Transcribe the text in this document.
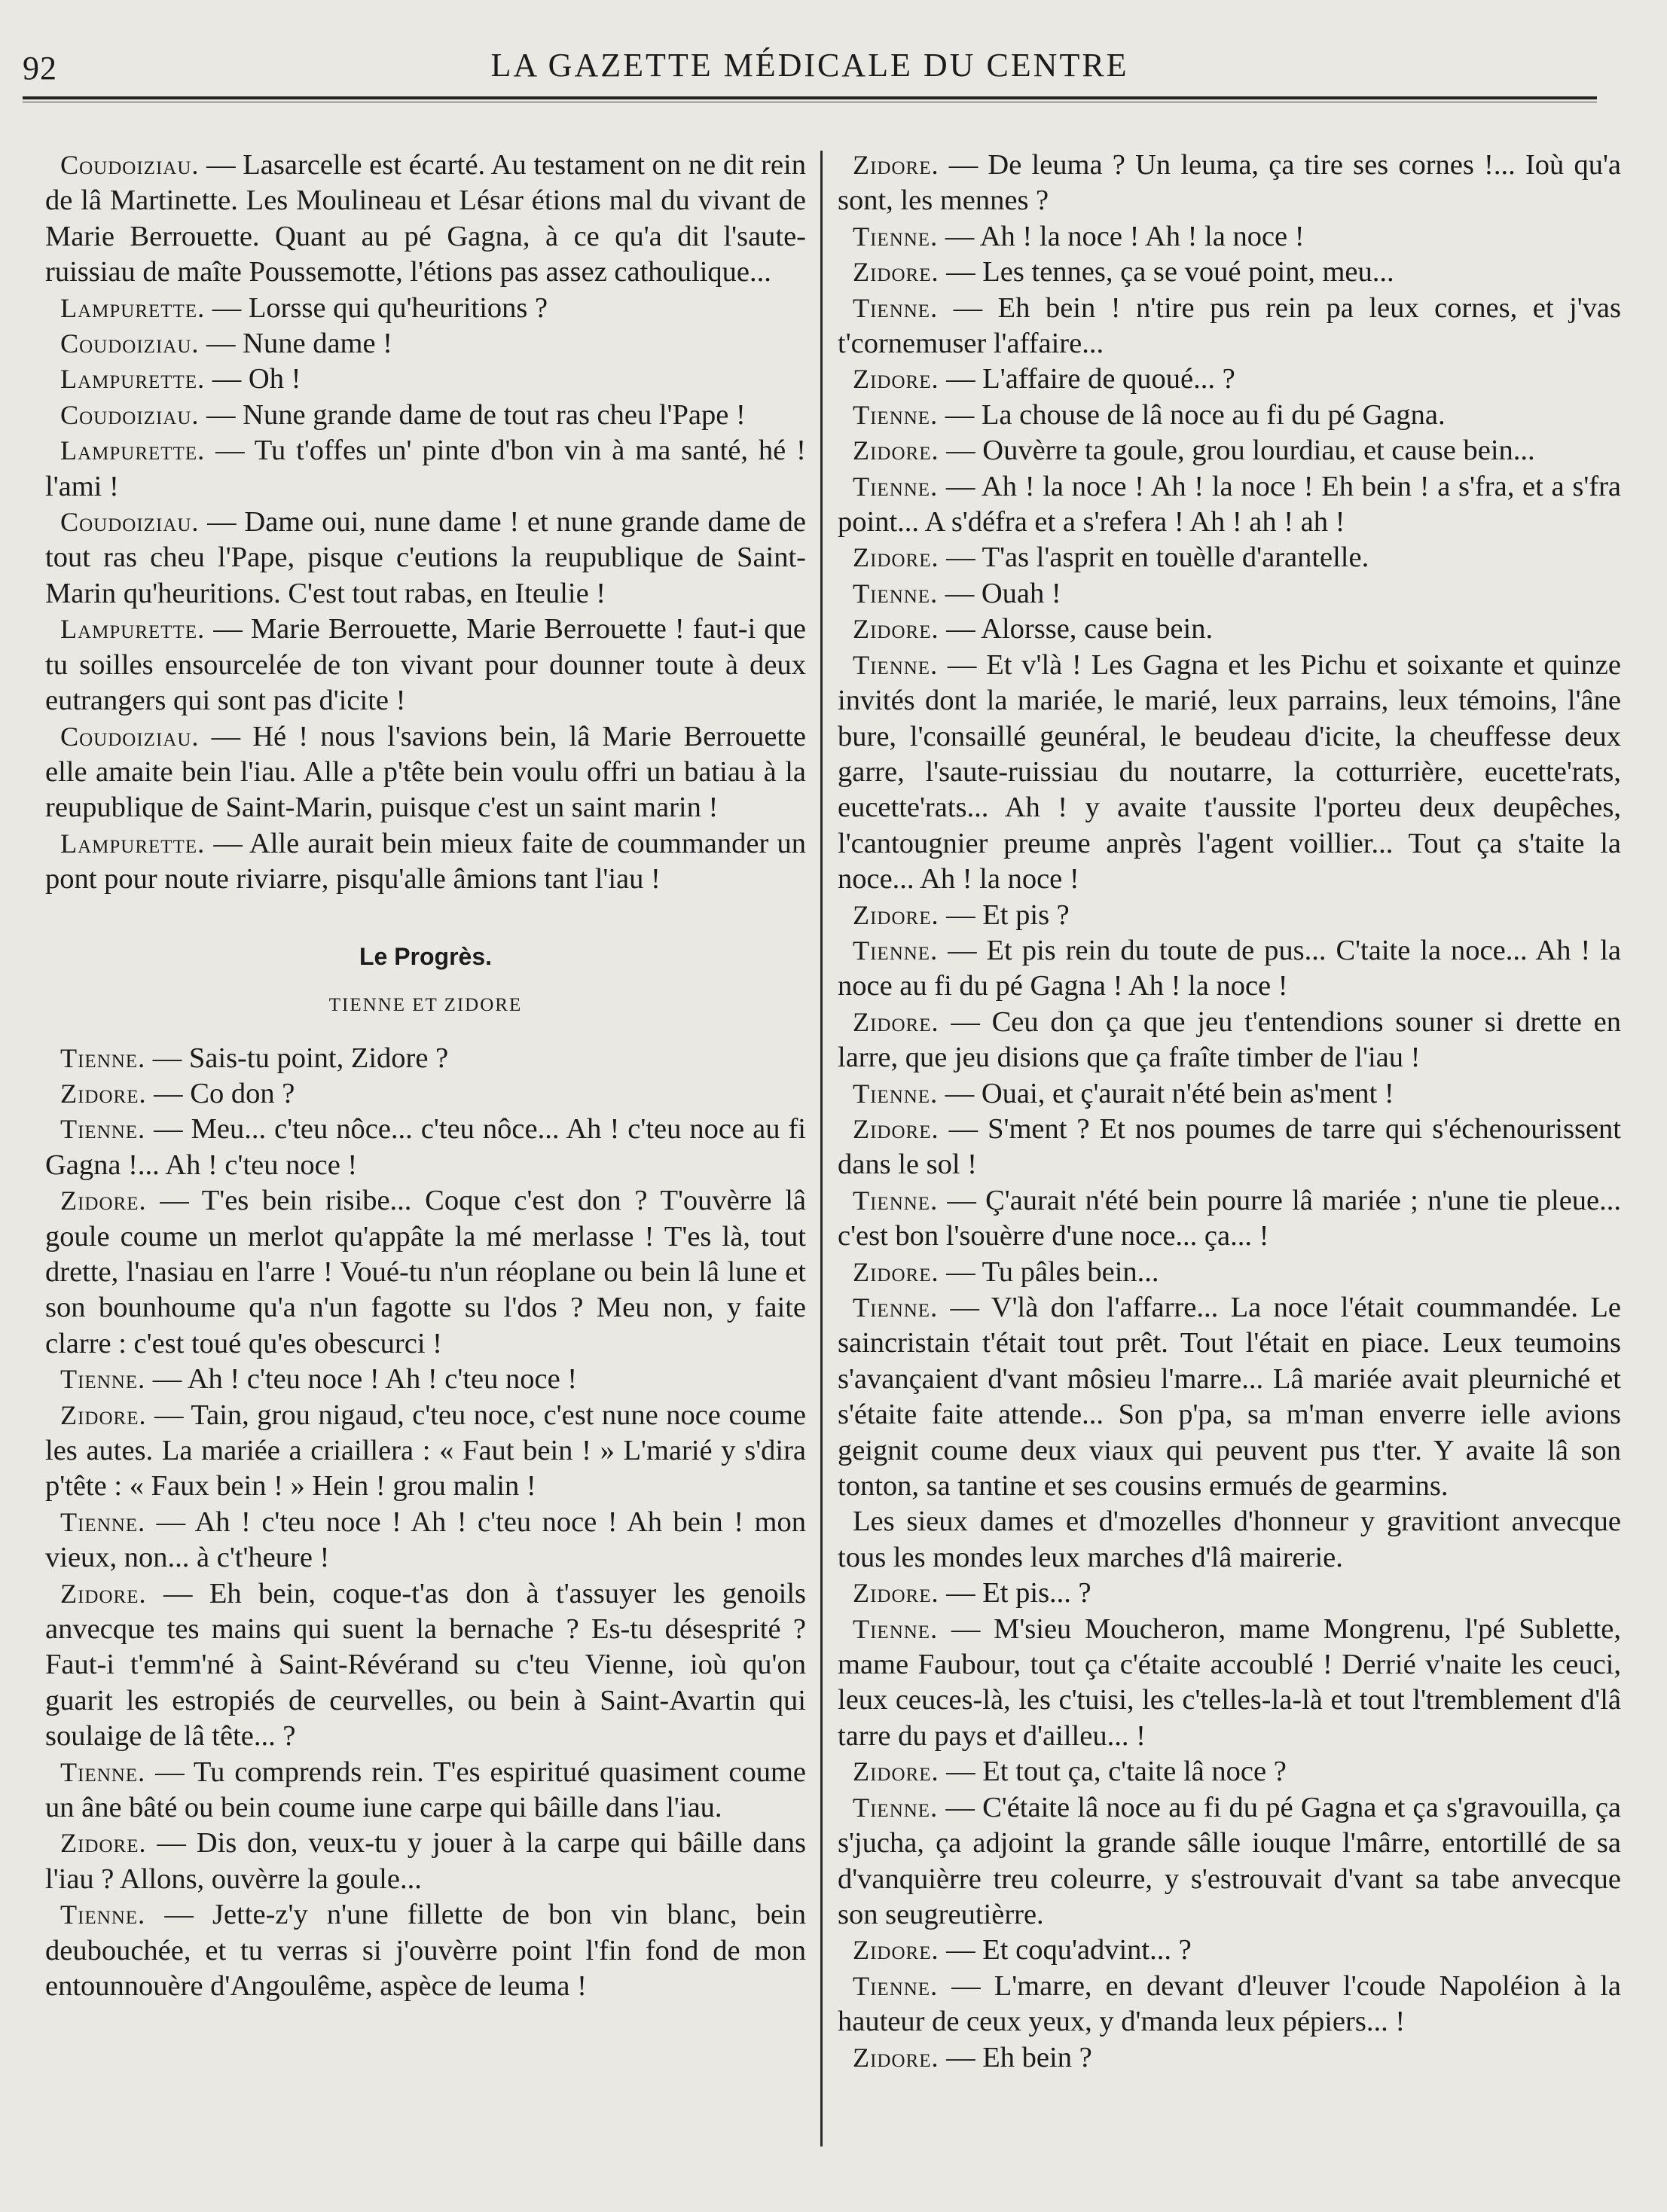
92	LA GAZETTE MÉDICALE DU CENTRE

Coudoiziau. — Lasarcelle est écarté. Au testament on ne dit rein de lâ Martinette. Les Moulineau et Lésar étions mal du vivant de Marie Berrouette. Quant au pé Gagna, à ce qu'a dit l'saute-ruissiau de maîte Poussemotte, l'étions pas assez cathoulique...

Lampurette. — Lorsse qui qu'heuritions ?

Coudoiziau. — Nune dame !

Lampurette. — Oh !

Coudoiziau. — Nune grande dame de tout ras cheu l'Pape !

Lampurette. — Tu t'offes un' pinte d'bon vin à ma santé, hé ! l'ami !

Coudoiziau. — Dame oui, nune dame ! et nune grande dame de tout ras cheu l'Pape, pisque c'eutions la reupublique de Saint-Marin qu'heuritions. C'est tout rabas, en Iteulie !

Lampurette. — Marie Berrouette, Marie Berrouette ! faut-i que tu soilles ensourcelée de ton vivant pour dounner toute à deux eutrangers qui sont pas d'icite !

Coudoiziau. — Hé ! nous l'savions bein, lâ Marie Berrouette elle amaite bein l'iau. Alle a p'tête bein voulu offri un batiau à la reupublique de Saint-Marin, puisque c'est un saint marin !

Lampurette. — Alle aurait bein mieux faite de coummander un pont pour noute riviarre, pisqu'alle âmions tant l'iau !

Le Progrès.
TIENNE ET ZIDORE

Tienne. — Sais-tu point, Zidore ?

Zidore. — Co don ?

Tienne. — Meu... c'teu nôce... c'teu nôce... Ah ! c'teu noce au fi Gagna !... Ah ! c'teu noce !

Zidore. — T'es bein risibe... Coque c'est don ? T'ouvèrre lâ goule coume un merlot qu'appâte la mé merlasse ! T'es là, tout drette, l'nasiau en l'arre ! Voué-tu n'un réoplane ou bein lâ lune et son bounhoume qu'a n'un fagotte su l'dos ? Meu non, y faite clarre : c'est toué qu'es obescurci !

Tienne. — Ah ! c'teu noce ! Ah ! c'teu noce !

Zidore. — Tain, grou nigaud, c'teu noce, c'est nune noce coume les autes. La mariée a criaillera : « Faut bein ! » L'marié y s'dira p'tête : « Faux bein ! » Hein ! grou malin !

Tienne. — Ah ! c'teu noce ! Ah ! c'teu noce ! Ah bein ! mon vieux, non... à c't'heure !

Zidore. — Eh bein, coque-t'as don à t'assuyer les genoils anvecque tes mains qui suent la bernache ? Es-tu désesprité ? Faut-i t'emm'né à Saint-Révérand su c'teu Vienne, ioù qu'on guarit les estropiés de ceurvelles, ou bein à Saint-Avartin qui soulaige de lâ tête... ?

Tienne. — Tu comprends rein. T'es espiritué quasiment coume un âne bâté ou bein coume iune carpe qui bâille dans l'iau.

Zidore. — Dis don, veux-tu y jouer à la carpe qui bâille dans l'iau ? Allons, ouvèrre la goule...

Tienne. — Jette-z'y n'une fillette de bon vin blanc, bein deubouchée, et tu verras si j'ouvèrre point l'fin fond de mon entounnouère d'Angoulême, aspèce de leuma !

Zidore. — De leuma ? Un leuma, ça tire ses cornes !... Ioù qu'a sont, les mennes ?

Tienne. — Ah ! la noce ! Ah ! la noce !

Zidore. — Les tennes, ça se voué point, meu...

Tienne. — Eh bein ! n'tire pus rein pa leux cornes, et j'vas t'cornemuser l'affaire...

Zidore. — L'affaire de quoué... ?

Tienne. — La chouse de lâ noce au fi du pé Gagna.

Zidore. — Ouvèrre ta goule, grou lourdiau, et cause bein...

Tienne. — Ah ! la noce ! Ah ! la noce ! Eh bein ! a s'fra, et a s'fra point... A s'défra et a s'refera ! Ah ! ah ! ah !

Zidore. — T'as l'asprit en touèlle d'arantelle.

Tienne. — Ouah !

Zidore. — Alorsse, cause bein.

Tienne. — Et v'là ! Les Gagna et les Pichu et soixante et quinze invités dont la mariée, le marié, leux parrains, leux témoins, l'âne bure, l'consaillé geunéral, le beudeau d'icite, la cheuffesse deux garre, l'saute-ruissiau du noutarre, la cotturrière, eucette'rats, eucette'rats... Ah ! y avaite t'aussite l'porteu deux deupêches, l'cantougnier preume anprès l'agent voillier... Tout ça s'taite la noce... Ah ! la noce !

Zidore. — Et pis ?

Tienne. — Et pis rein du toute de pus... C'taite la noce... Ah ! la noce au fi du pé Gagna ! Ah ! la noce !

Zidore. — Ceu don ça que jeu t'entendions souner si drette en larre, que jeu disions que ça fraîte timber de l'iau !

Tienne. — Ouai, et ç'aurait n'été bein as'ment !

Zidore. — S'ment ? Et nos poumes de tarre qui s'échenourissent dans le sol !

Tienne. — Ç'aurait n'été bein pourre lâ mariée ; n'une tie pleue... c'est bon l'souèrre d'une noce... ça... !

Zidore. — Tu pâles bein...

Tienne. — V'là don l'affarre... La noce l'était coummandée. Le saincristain t'était tout prêt. Tout l'était en piace. Leux teumoins s'avançaient d'vant môsieu l'marre... Lâ mariée avait pleurniché et s'étaite faite attende... Son p'pa, sa m'man enverre ielle avions geignit coume deux viaux qui peuvent pus t'ter. Y avaite lâ son tonton, sa tantine et ses cousins ermués de gearmins.

Les sieux dames et d'mozelles d'honneur y gravitiont anvecque tous les mondes leux marches d'lâ mairerie.

Zidore. — Et pis... ?

Tienne. — M'sieu Moucheron, mame Mongrenu, l'pé Sublette, mame Faubour, tout ça c'étaite accoublé ! Derrié v'naite les ceuci, leux ceuces-là, les c'tuisi, les c'telles-la-là et tout l'tremblement d'lâ tarre du pays et d'ailleu... !

Zidore. — Et tout ça, c'taite lâ noce ?

Tienne. — C'étaite lâ noce au fi du pé Gagna et ça s'gravouilla, ça s'jucha, ça adjoint la grande sâlle iouque l'mârre, entortillé de sa d'vanquièrre treu coleurre, y s'estrouvait d'vant sa tabe anvecque son seugreutièrre.

Zidore. — Et coqu'advint... ?

Tienne. — L'marre, en devant d'leuver l'coude Napoléion à la hauteur de ceux yeux, y d'manda leux pépiers... !

Zidore. — Eh bein ?
